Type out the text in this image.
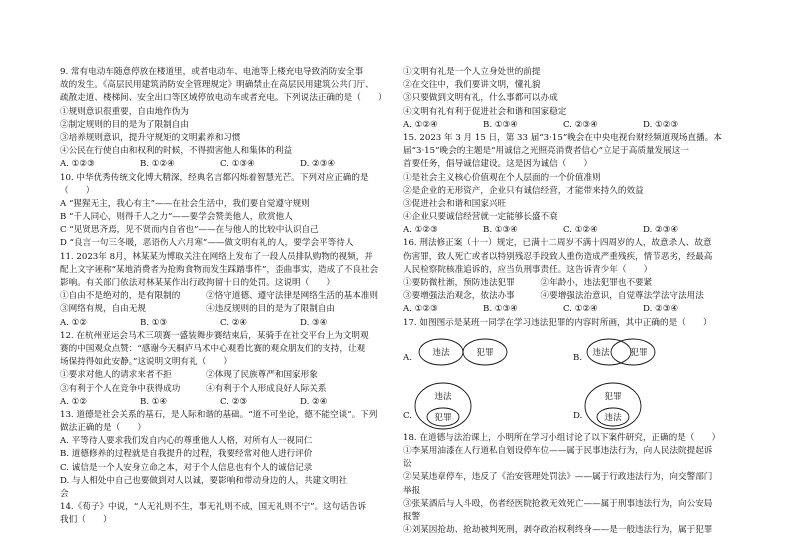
9. 常有电动车随意停放在楼道里，或者电动车、电池等上楼充电导致消防安全事
故的发生。《高层民用建筑消防安全管理规定》明确禁止在高层民用建筑公共门厅、
疏散走道、楼梯间、安全出口等区域停放电动车或者充电。下列说法正确的是（　　）
①规则意识很重要，自由地作伪为
②制定规则的目的是为了限制自由
③培养规则意识，提升守规矩的文明素养和习惯
④公民在行使自由和权利的时候，不得损害他人和集体的利益
A. ①②③	B. ①②④	C. ①③④	D. ②③④
10. 中华优秀传统文化博大精深，经典名言都闪烁着智慧光芒。下列对应正确的是
（　　）
A “猩猩无主，我心有主”——在社会生活中，我们要自觉遵守规则
B “千人同心，则得千人之力”——要学会赞美他人，欣赏他人
C “见贤思齐焉，见不贤而内自省也”——在与他人的比较中认识自己
D “良言一句三冬暖，恶语伤人六月寒”——做文明有礼的人，要学会平等待人
11. 2023年 8月，林某某为博取关注在网络上发布了一段人员排队购物的视频，并
配上文字诬称“某地消费者为抢购食物而发生踩踏事件”，歪曲事实，造成了不良社会
影响。有关部门依法对林某某作出行政拘留十日的处罚。这说明（　　）
①自由不是绝对的，是有限制的　　　②恪守道德、遵守法律是网络生活的基本准则
③网络有规，自由无规　　　　　　　④违反规则的目的是为了限制自由
A. ①②	B. ①③	C. ②④	D. ③④
12. 在杭州亚运会马术三项赛一盛装舞步赛结束后，某骑手在社交平台上为文明观
赛的中国观众点赞：“感谢今天桐庐马术中心观看比赛的观众朋友们的支持，让观
场保持得如此安静。”这说明文明有礼（　　）
①要求对他人的请求来者不拒　　　　②体现了民族尊严和国家形象
③有利于个人在竞争中获得成功　　　④有利于个人形成良好人际关系
A. ①②	B. ①④	C. ②③	D. ②④
13. 道德是社会关系的基石，是人际和谐的基础。“道不可坐论，德不能空谈”。下列
做法正确的是（　　）
A. 平等待人要求我们发自内心的尊重他人人格，对所有人一视同仁
B. 道德修养的过程就是自我提升的过程，我要经常对他人进行评价
C. 诚信是一个人安身立命之本，对于个人信息也有个人的诚信记录
D. 与人相处中自己也要做到对人以诚，要影响和带动身边的人，共建文明社
会
14.《荀子》中说，“人无礼则不生，事无礼则不成，国无礼则不宁”。这句话告诉
我们（　　）
①文明有礼是一个人立身处世的前提
②在交往中，我们要讲文明，懂礼貌
③只要做到文明有礼，什么事都可以办成
④文明有礼有利于促进社会和谐和国家稳定
A. ①②④	B. ①③④	C. ②③④	D. ①②③
15. 2023 年 3 月 15 日，第 33 届“3·15”晚会在中央电视台财经频道现场直播。本
届“3·15”晚会的主题是“用诚信之光照亮消费者信心”立足于高质量发展这一
首要任务，倡导诚信建设。这是因为诚信（　　）
①是社会主义核心价值观在个人层面的一个价值准则
②是企业的无形资产，企业只有诚信经营，才能带来持久的效益
③促进社会和谐和国家兴旺
④企业只要诚信经营就一定能够长盛不衰
A. ①②③	B. ①③④	C. ①②④	D. ②③④
16. 刑法修正案（十一）规定，已满十二周岁不满十四周岁的人，故意杀人、故意
伤害罪，致人死亡或者以特别残忍手段致人重伤造成严重残疾，情节恶劣，经最高
人民检察院核准追诉的，应当负刑事责任。这告诉青少年（　　）
①要防微杜渐，预防违法犯罪　　　②年龄小，违法犯罪也不要紧
③要增强法治观念，依法办事　　　④要增强法治意识，自觉尊法学法守法用法
A. ①②③	B. ①③④	C. ①②④	D. ②③④
17. 如图图示是某班一同学在学习违法犯罪的内容时所画，其中正确的是（　　）
A. 违法	犯罪	B. 违法 犯罪
C.
违法
犯罪	D.
犯罪
违法
18. 在道德与法治课上，小明所在学习小组讨论了以下案件研究，正确的是（　　）
①李某用油漆在人行道私自划设停车位——属于民事违法行为，向人民法院提起诉
讼
②吴某违章停车，违反了《治安管理处罚法》——属于行政违法行为，向交警部门
举报
③张某酒后与人斗殴，伤者经医院抢救无效死亡——属于刑事违法行为，向公安局
报警
④刘某因抢劫、抢劫被判死刑，剥夺政治权利终身——是一般违法行为，属于犯罪
